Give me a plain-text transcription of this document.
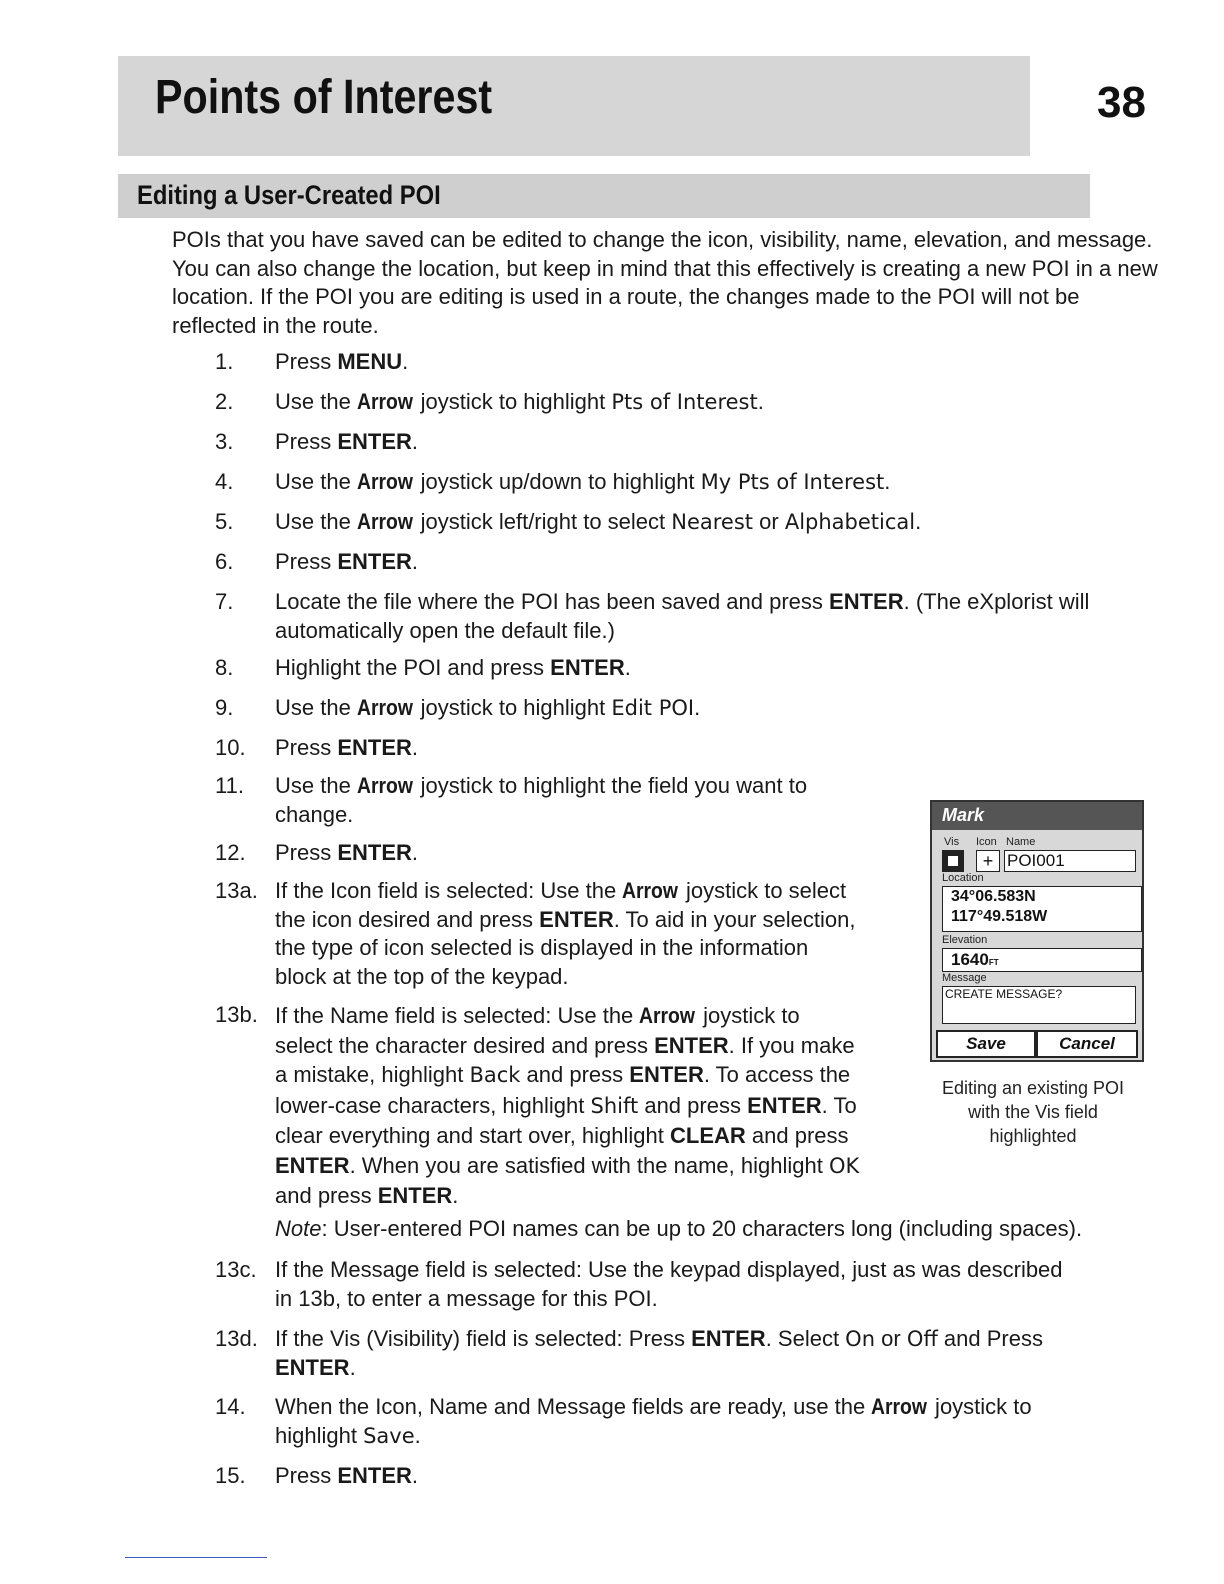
Points of Interest	38
Editing a User-Created POI
POIs that you have saved can be edited to change the icon, visibility, name, elevation, and message. You can also change the location, but keep in mind that this effectively is creating a new POI in a new location. If the POI you are editing is used in a route, the changes made to the POI will not be reflected in the route.
1.	Press MENU.
2.	Use the Arrow joystick to highlight Pts of Interest.
3.	Press ENTER.
4.	Use the Arrow joystick up/down to highlight My Pts of Interest.
5.	Use the Arrow joystick left/right to select Nearest or Alphabetical.
6.	Press ENTER.
7.	Locate the file where the POI has been saved and press ENTER. (The eXplorist will
automatically open the default file.)
8.	Highlight the POI and press ENTER.
9.	Use the Arrow joystick to highlight Edit POI.
10.	Press ENTER.
11.	Use the Arrow joystick to highlight the field you want to
change.
12.	Press ENTER.
13a. If the Icon field is selected: Use the Arrow joystick to select
the icon desired and press ENTER. To aid in your selection,
the type of icon selected is displayed in the information
block at the top of the keypad.
13b. If the Name field is selected: Use the Arrow joystick to
select the character desired and press ENTER. If you make
a mistake, highlight Back and press ENTER. To access the
lower-case characters, highlight Shift and press ENTER. To
clear everything and start over, highlight CLEAR and press
ENTER. When you are satisfied with the name, highlight OK
and press ENTER.
Note: User-entered POI names can be up to 20 characters long (including spaces).
13c. If the Message field is selected: Use the keypad displayed, just as was described
in 13b, to enter a message for this POI.
13d. If the Vis (Visibility) field is selected: Press ENTER. Select On or Off and Press
ENTER.
14.	When the Icon, Name and Message fields are ready, use the Arrow joystick to
highlight Save.
15.	Press ENTER.
Mark
Vis Icon Name
+ POI001
Location
34°06.583N
117°49.518W
Elevation
1640FT
Message
CREATE MESSAGE?
Save	Cancel
Editing an existing POI
with the Vis field
highlighted
